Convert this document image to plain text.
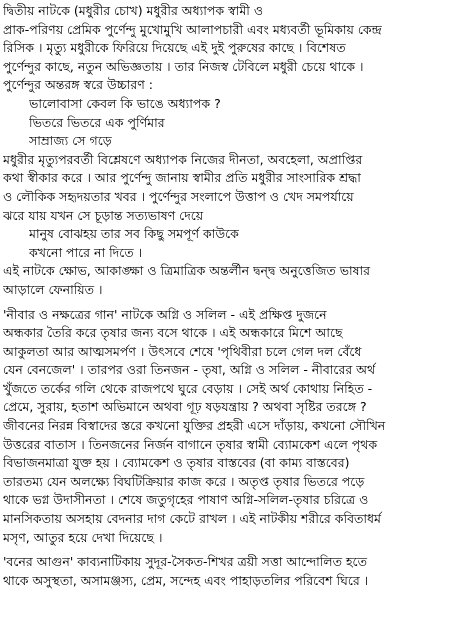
দ্বিতীয় নাটকে (মধুরীর চোখ) মধুরীর অধ্যাপক স্বামী ও
প্রাক-পরিণয় প্রেমিক পুর্ণেন্দু মুখোমুখি আলাপচারী এবং মধ্যবর্তী ভূমিকায় কেন্দ্র
রিসিক । মৃত্যু মধুরীকে ফিরিয়ে দিয়েছে এই দুই পুরুষের কাছে । বিশেষত
পুর্ণেন্দুর কাছে, নতুন অভিজ্ঞতায় । তার নিজস্ব টেবিলে মধুরী চেয়ে থাকে ।
পুর্ণেন্দুর অন্তরঙ্গ স্বরে উচ্চারণ :
ভালোবাসা কেবল কি ভাঙে অধ্যাপক ?
ভিতরে ভিতরে এক পুর্ণিমার
সাম্রাজ্য সে গড়ে
মধুরীর মৃত্যুপরবর্তী বিশ্লেষণে অধ্যাপক নিজের দীনতা, অবহেলা, অপ্রাপ্তির
কথা স্বীকার করে । আর পুর্ণেন্দু জানায় স্বামীর প্রতি মধুরীর সাংসারিক শ্রদ্ধা
ও লৌকিক সহৃদয়তার খবর । পুর্ণেন্দুর সংলাপে উত্তাপ ও খেদ সমপর্যায়ে
ঝরে যায় যখন সে চূড়ান্ত সত্যভাষণ দেয়ে
মানুষ বোঝহয় তার সব কিছু সমপূর্ণ কাউকে
কখনো পারে না দিতে ।
এই নাটকে ক্ষোভ, আকাঙ্ক্ষা ও ত্রিমাত্রিক অন্তর্লীন দ্বন্দ্ব অনুত্তেজিত ভাষার
আড়ালে ফেনায়িত ।
'নীবার ও নক্ষত্রের গান' নাটকে অগ্নি ও সলিল - এই প্রক্ষিপ্ত দুজনে
অন্ধকার তৈরি করে তৃষার জন্য বসে থাকে । এই অন্ধকারে মিশে আছে
আকুলতা আর আত্মসমর্পণ । উৎসবে শেষে 'পৃথিবীরা চলে গেল দল বেঁধে
যেন বেনজেল' । তারপর ওরা তিনজন - তৃষা, অগ্নি ও সলিল - নীবারের অর্থ
খুঁজতে তর্কের গলি থেকে রাজপথে ঘুরে বেড়ায় । সেই অর্থ কোথায় নিহিত -
প্রেমে, সুরায়, হতাশ অভিমানে অথবা গূঢ় ষড়যন্ত্রায় ? অথবা সৃষ্টির তরঙ্গে ?
জীবনের নিরন্ন বিস্বাদের স্তরে কখনো যুক্তির প্রহরী এসে দাঁড়ায়, কখনো সৌখিন
উত্তরের বাতাস । তিনজনের নির্জন বাগানে তৃষার স্বামী ব্যোমকেশ এলে পৃথক
বিভাজনমাত্রা যুক্ত হয় । ব্যোমকেশ ও তৃষার বাস্তবের (বা কাম্য বাস্তবের)
তারতম্য যেন অলক্ষ্যে বিঘটিক্রিয়ার কাজ করে । অতৃপ্ত তৃষার ভিতরে পড়ে
থাকে ভগ্ন উদাসীনতা । শেষে জতুগৃহের পাষাণ অগ্নি-সলিল-তৃষার চরিত্রে ও
মানসিকতায় অসহায় বেদনার দাগ কেটে রাখল । এই নাটকীয় শরীরে কবিতাধর্ম
মসৃণ, আতুর হয়ে দেখা দিয়েছে ।
'বনের আগুন' কাব্যনাটিকায় সুদূর-সৈকত-শিখর ত্রয়ী সত্তা আন্দোলিত হতে
থাকে অসুস্থতা, অসামঞ্জস্য, প্রেম, সন্দেহ এবং পাহাড়তলির পরিবেশ ঘিরে ।
